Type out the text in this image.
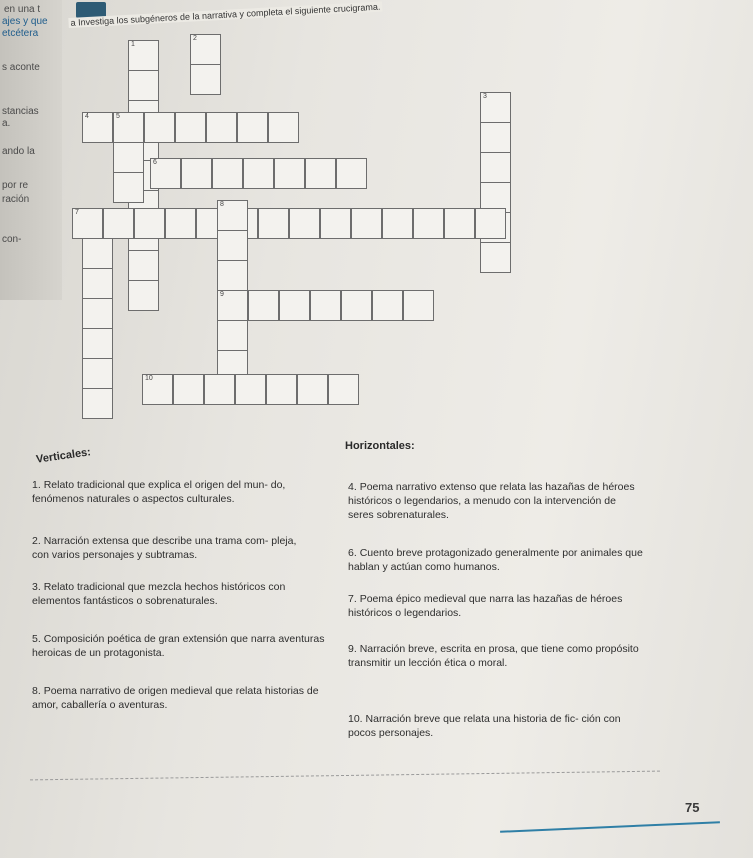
en una t
ajes y que
etcétera
s aconte
stancias
a.
ando la
por re
ración
con-
a Investiga los subgéneros de la narrativa y completa el siguiente crucigrama.
1
2
3
4	5
6
7
8
9
10
Verticales:
Horizontales:
1. Relato tradicional que explica el origen del mun- do, fenómenos naturales o aspectos culturales.
2. Narración extensa que describe una trama com- pleja, con varios personajes y subtramas.
3. Relato tradicional que mezcla hechos históricos con elementos fantásticos o sobrenaturales.
5. Composición poética de gran extensión que narra aventuras heroicas de un protagonista.
8. Poema narrativo de origen medieval que relata historias de amor, caballería o aventuras.
4. Poema narrativo extenso que relata las hazañas de héroes históricos o legendarios, a menudo con la intervención de seres sobrenaturales.
6. Cuento breve protagonizado generalmente por animales que hablan y actúan como humanos.
7. Poema épico medieval que narra las hazañas de héroes históricos o legendarios.
9. Narración breve, escrita en prosa, que tiene como propósito transmitir un lección ética o moral.
10. Narración breve que relata una historia de fic- ción con pocos personajes.
75
